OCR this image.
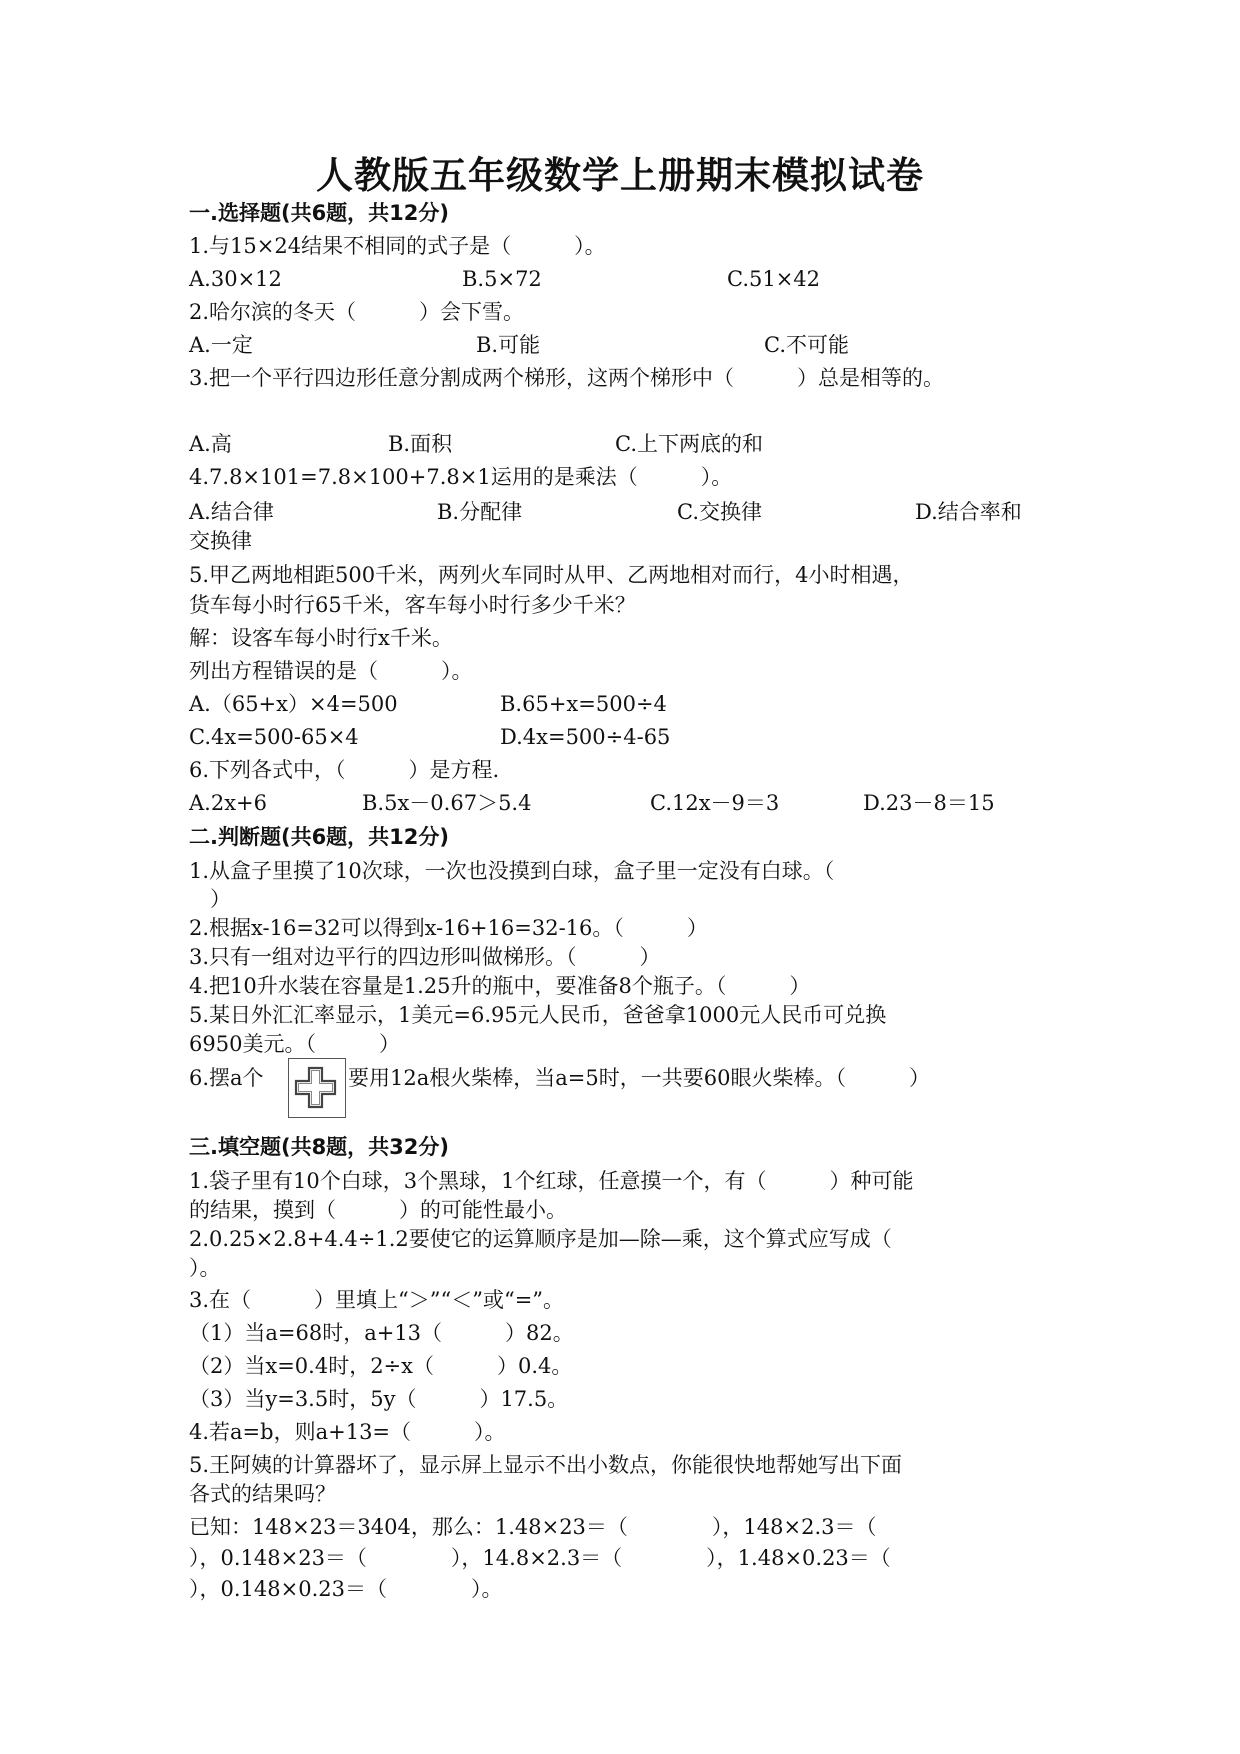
人教版五年级数学上册期末模拟试卷
一.选择题(共6题，共12分)
1.与15×24结果不相同的式子是（　　　）。
A.30×12	B.5×72	C.51×42
2.哈尔滨的冬天（　　　）会下雪。
A.一定	B.可能	C.不可能
3.把一个平行四边形任意分割成两个梯形，这两个梯形中（　　　）总是相等的。
A.高	B.面积	C.上下两底的和
4.7.8×101=7.8×100+7.8×1运用的是乘法（　　　）。
A.结合律	B.分配律	C.交换律	D.结合率和
交换律
5.甲乙两地相距500千米，两列火车同时从甲、乙两地相对而行，4小时相遇，
货车每小时行65千米，客车每小时行多少千米？
解：设客车每小时行x千米。
列出方程错误的是（　　　）。
A.（65+x）×4=500	B.65+x=500÷4
C.4x=500-65×4	D.4x=500÷4-65
6.下列各式中，（　　　）是方程.
A.2x+6	B.5x－0.67＞5.4	C.12x－9＝3	D.23－8＝15
二.判断题(共6题，共12分)
1.从盒子里摸了10次球，一次也没摸到白球，盒子里一定没有白球。（
　）
2.根据x-16=32可以得到x-16+16=32-16。（　　　）
3.只有一组对边平行的四边形叫做梯形。（　　　）
4.把10升水装在容量是1.25升的瓶中，要准备8个瓶子。（　　　）
5.某日外汇汇率显示，1美元=6.95元人民币，爸爸拿1000元人民币可兑换
6950美元。（　　　）
6.摆a个	要用12a根火柴棒，当a=5时，一共要60眼火柴棒。（　　　）
三.填空题(共8题，共32分)
1.袋子里有10个白球，3个黑球，1个红球，任意摸一个，有（　　　）种可能
的结果，摸到（　　　）的可能性最小。
2.0.25×2.8+4.4÷1.2要使它的运算顺序是加—除—乘，这个算式应写成（
）。
3.在（　　　）里填上“＞”“＜”或“=”。
（1）当a=68时，a+13（　　　）82。
（2）当x=0.4时，2÷x（　　　）0.4。
（3）当y=3.5时，5y（　　　）17.5。
4.若a=b，则a+13=（　　　）。
5.王阿姨的计算器坏了，显示屏上显示不出小数点，你能很快地帮她写出下面
各式的结果吗？
已知：148×23＝3404，那么：1.48×23＝（　　　　），148×2.3＝（
），0.148×23＝（　　　　），14.8×2.3＝（　　　　），1.48×0.23＝（
），0.148×0.23＝（　　　　）。
